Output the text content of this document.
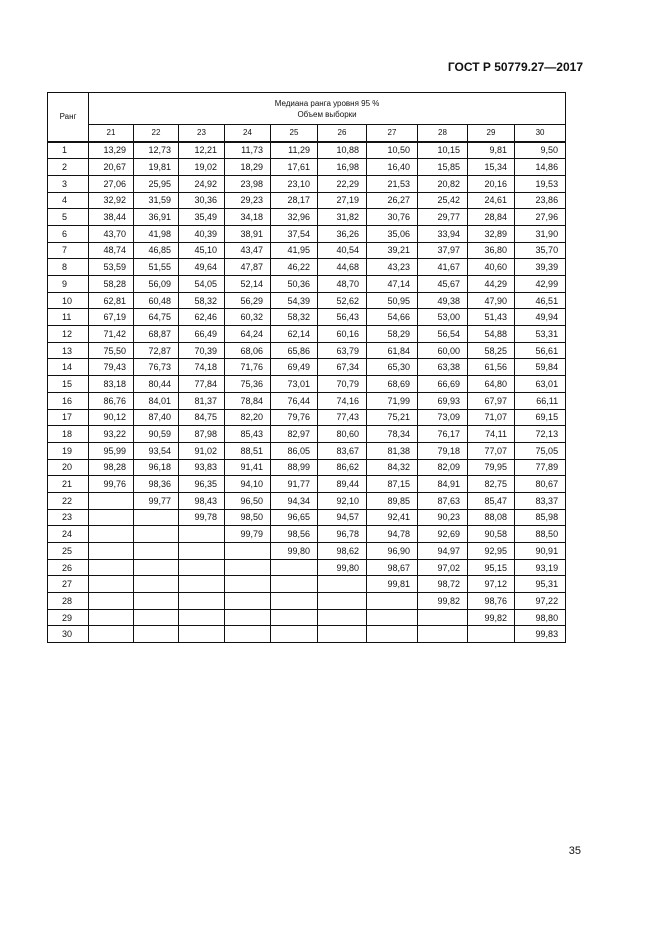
ГОСТ Р 50779.27—2017
Ранг	Медиана ранга уровня 95 %
Объем выборки									

	21	22	23	24	25	26	27	28	29	30
1	13,29	12,73	12,21	11,73	11,29	10,88	10,50	10,15	9,81	9,50
2	20,67	19,81	19,02	18,29	17,61	16,98	16,40	15,85	15,34	14,86
3	27,06	25,95	24,92	23,98	23,10	22,29	21,53	20,82	20,16	19,53
4	32,92	31,59	30,36	29,23	28,17	27,19	26,27	25,42	24,61	23,86
5	38,44	36,91	35,49	34,18	32,96	31,82	30,76	29,77	28,84	27,96
6	43,70	41,98	40,39	38,91	37,54	36,26	35,06	33,94	32,89	31,90
7	48,74	46,85	45,10	43,47	41,95	40,54	39,21	37,97	36,80	35,70
8	53,59	51,55	49,64	47,87	46,22	44,68	43,23	41,67	40,60	39,39
9	58,28	56,09	54,05	52,14	50,36	48,70	47,14	45,67	44,29	42,99
10	62,81	60,48	58,32	56,29	54,39	52,62	50,95	49,38	47,90	46,51
11	67,19	64,75	62,46	60,32	58,32	56,43	54,66	53,00	51,43	49,94
12	71,42	68,87	66,49	64,24	62,14	60,16	58,29	56,54	54,88	53,31
13	75,50	72,87	70,39	68,06	65,86	63,79	61,84	60,00	58,25	56,61
14	79,43	76,73	74,18	71,76	69,49	67,34	65,30	63,38	61,56	59,84
15	83,18	80,44	77,84	75,36	73,01	70,79	68,69	66,69	64,80	63,01
16	86,76	84,01	81,37	78,84	76,44	74,16	71,99	69,93	67,97	66,11
17	90,12	87,40	84,75	82,20	79,76	77,43	75,21	73,09	71,07	69,15
18	93,22	90,59	87,98	85,43	82,97	80,60	78,34	76,17	74,11	72,13
19	95,99	93,54	91,02	88,51	86,05	83,67	81,38	79,18	77,07	75,05
20	98,28	96,18	93,83	91,41	88,99	86,62	84,32	82,09	79,95	77,89
21	99,76	98,36	96,35	94,10	91,77	89,44	87,15	84,91	82,75	80,67
22		99,77	98,43	96,50	94,34	92,10	89,85	87,63	85,47	83,37
23			99,78	98,50	96,65	94,57	92,41	90,23	88,08	85,98
24				99,79	98,56	96,78	94,78	92,69	90,58	88,50
25					99,80	98,62	96,90	94,97	92,95	90,91
26						99,80	98,67	97,02	95,15	93,19
27							99,81	98,72	97,12	95,31
28								99,82	98,76	97,22
29									99,82	98,80
30										99,83
35
